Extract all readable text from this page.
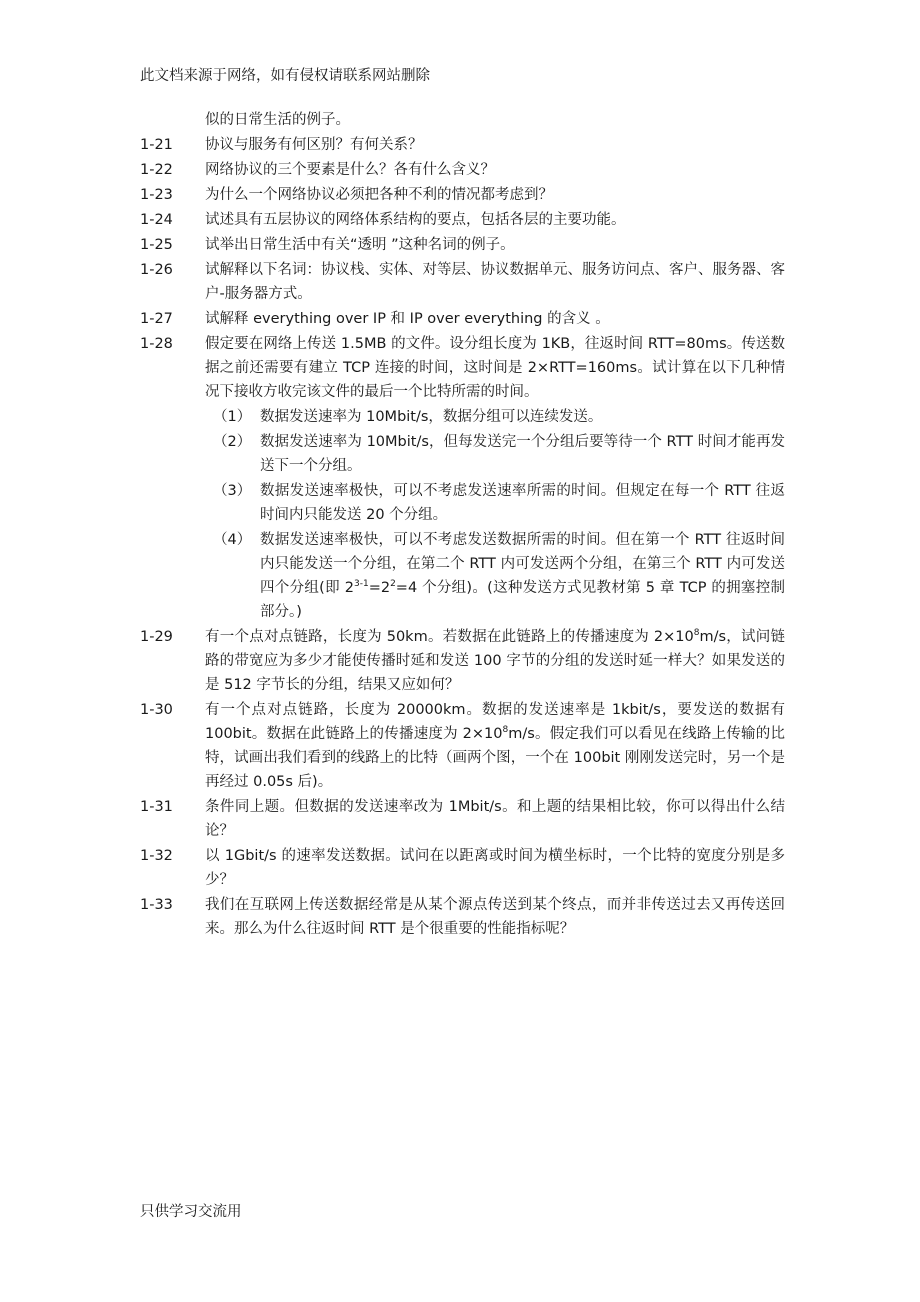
此文档来源于网络，如有侵权请联系网站删除
似的日常生活的例子。
1-21	协议与服务有何区别？有何关系？
1-22	网络协议的三个要素是什么？各有什么含义？
1-23	为什么一个网络协议必须把各种不利的情况都考虑到？
1-24	试述具有五层协议的网络体系结构的要点，包括各层的主要功能。
1-25	试举出日常生活中有关“透明 ”这种名词的例子。
1-26	试解释以下名词：协议栈、实体、对等层、协议数据单元、服务访问点、客户、服务器、客户-服务器方式。
1-27	试解释 everything over IP 和 IP over everything 的含义 。
1-28	假定要在网络上传送 1.5MB 的文件。设分组长度为 1KB，往返时间 RTT=80ms。传送数据之前还需要有建立 TCP 连接的时间，这时间是 2×RTT=160ms。试计算在以下几种情况下接收方收完该文件的最后一个比特所需的时间。
（1） 数据发送速率为 10Mbit/s，数据分组可以连续发送。
（2） 数据发送速率为 10Mbit/s，但每发送完一个分组后要等待一个 RTT 时间才能再发送下一个分组。
（3） 数据发送速率极快，可以不考虑发送速率所需的时间。但规定在每一个 RTT 往返时间内只能发送 20 个分组。
（4） 数据发送速率极快，可以不考虑发送数据所需的时间。但在第一个 RTT 往返时间内只能发送一个分组，在第二个 RTT 内可发送两个分组，在第三个 RTT 内可发送四个分组(即 $2^{3-1}=2^2=4$ 个分组)。(这种发送方式见教材第 5 章 TCP 的拥塞控制部分。)
1-29	有一个点对点链路，长度为 50km。若数据在此链路上的传播速度为 $2\times 10^8m/s$，试问链路的带宽应为多少才能使传播时延和发送 100 字节的分组的发送时延一样大？如果发送的是 512 字节长的分组，结果又应如何？
1-30	有一个点对点链路，长度为 20000km。数据的发送速率是 1kbit/s，要发送的数据有 100bit。数据在此链路上的传播速度为 $2\times 10^8m/s$。假定我们可以看见在线路上传输的比特，试画出我们看到的线路上的比特（画两个图，一个在 100bit 刚刚发送完时，另一个是再经过 0.05s 后)。
1-31	条件同上题。但数据的发送速率改为 1Mbit/s。和上题的结果相比较，你可以得出什么结论？
1-32	以 1Gbit/s 的速率发送数据。试问在以距离或时间为横坐标时，一个比特的宽度分别是多少？
1-33	我们在互联网上传送数据经常是从某个源点传送到某个终点，而并非传送过去又再传送回来。那么为什么往返时间 RTT 是个很重要的性能指标呢？
只供学习交流用
